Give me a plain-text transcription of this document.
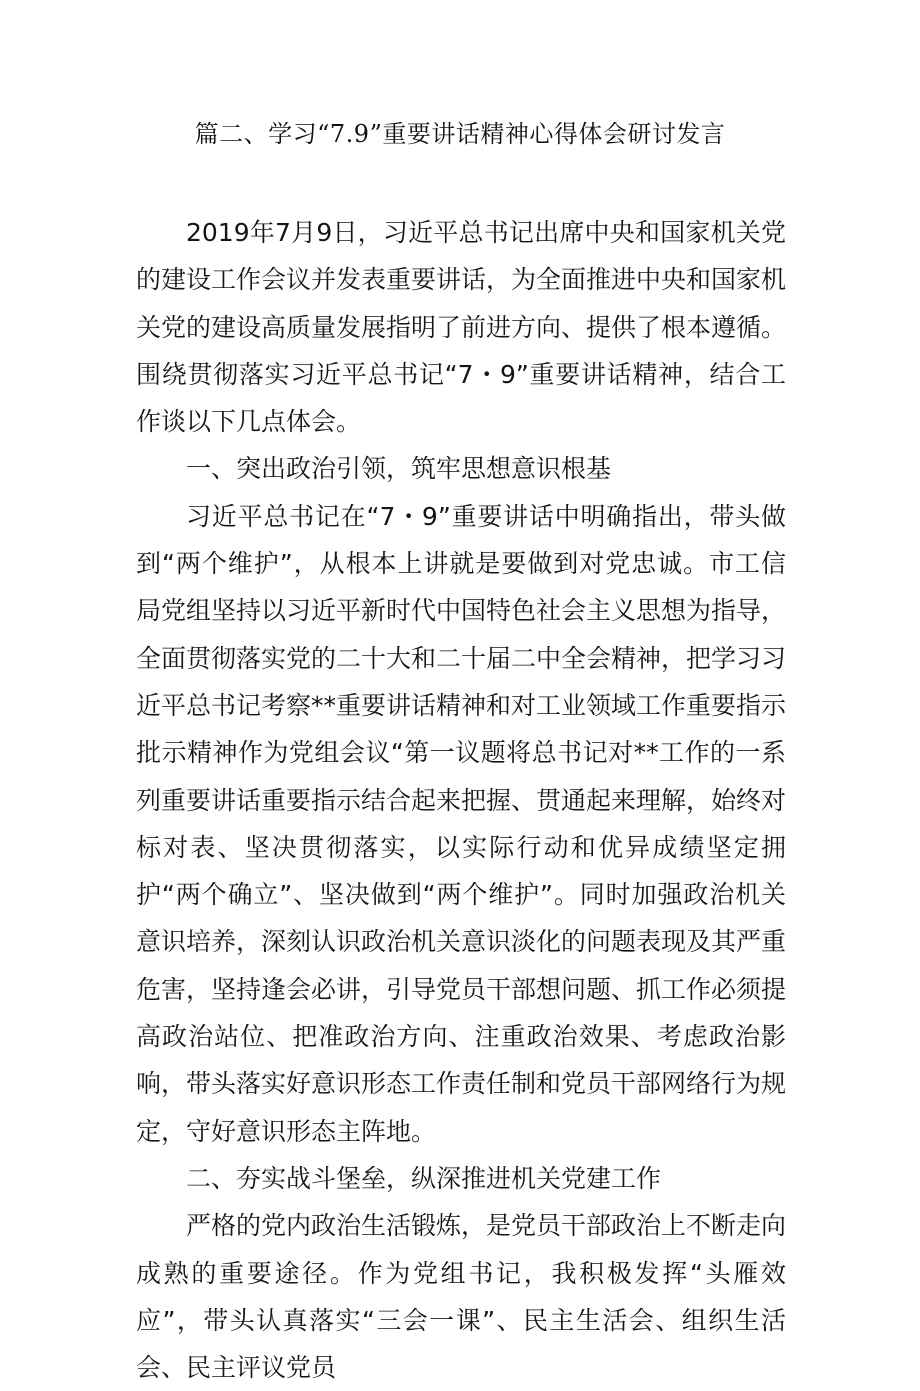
篇二、学习“7.9”重要讲话精神心得体会研讨发言

2019年7月9日，习近平总书记出席中央和国家机关党的建设工作会议并发表重要讲话，为全面推进中央和国家机关党的建设高质量发展指明了前进方向、提供了根本遵循。围绕贯彻落实习近平总书记“7・9”重要讲话精神，结合工作谈以下几点体会。

一、突出政治引领，筑牢思想意识根基

习近平总书记在“7・9”重要讲话中明确指出，带头做到“两个维护”，从根本上讲就是要做到对党忠诚。市工信局党组坚持以习近平新时代中国特色社会主义思想为指导，全面贯彻落实党的二十大和二十届二中全会精神，把学习习近平总书记考察**重要讲话精神和对工业领域工作重要指示批示精神作为党组会议“第一议题将总书记对**工作的一系列重要讲话重要指示结合起来把握、贯通起来理解，始终对标对表、坚决贯彻落实，以实际行动和优异成绩坚定拥护“两个确立”、坚决做到“两个维护”。同时加强政治机关意识培养，深刻认识政治机关意识淡化的问题表现及其严重危害，坚持逢会必讲，引导党员干部想问题、抓工作必须提高政治站位、把准政治方向、注重政治效果、考虑政治影响，带头落实好意识形态工作责任制和党员干部网络行为规定，守好意识形态主阵地。

二、夯实战斗堡垒，纵深推进机关党建工作

严格的党内政治生活锻炼，是党员干部政治上不断走向成熟的重要途径。作为党组书记，我积极发挥“头雁效应”，带头认真落实“三会一课”、民主生活会、组织生活会、民主评议党员
